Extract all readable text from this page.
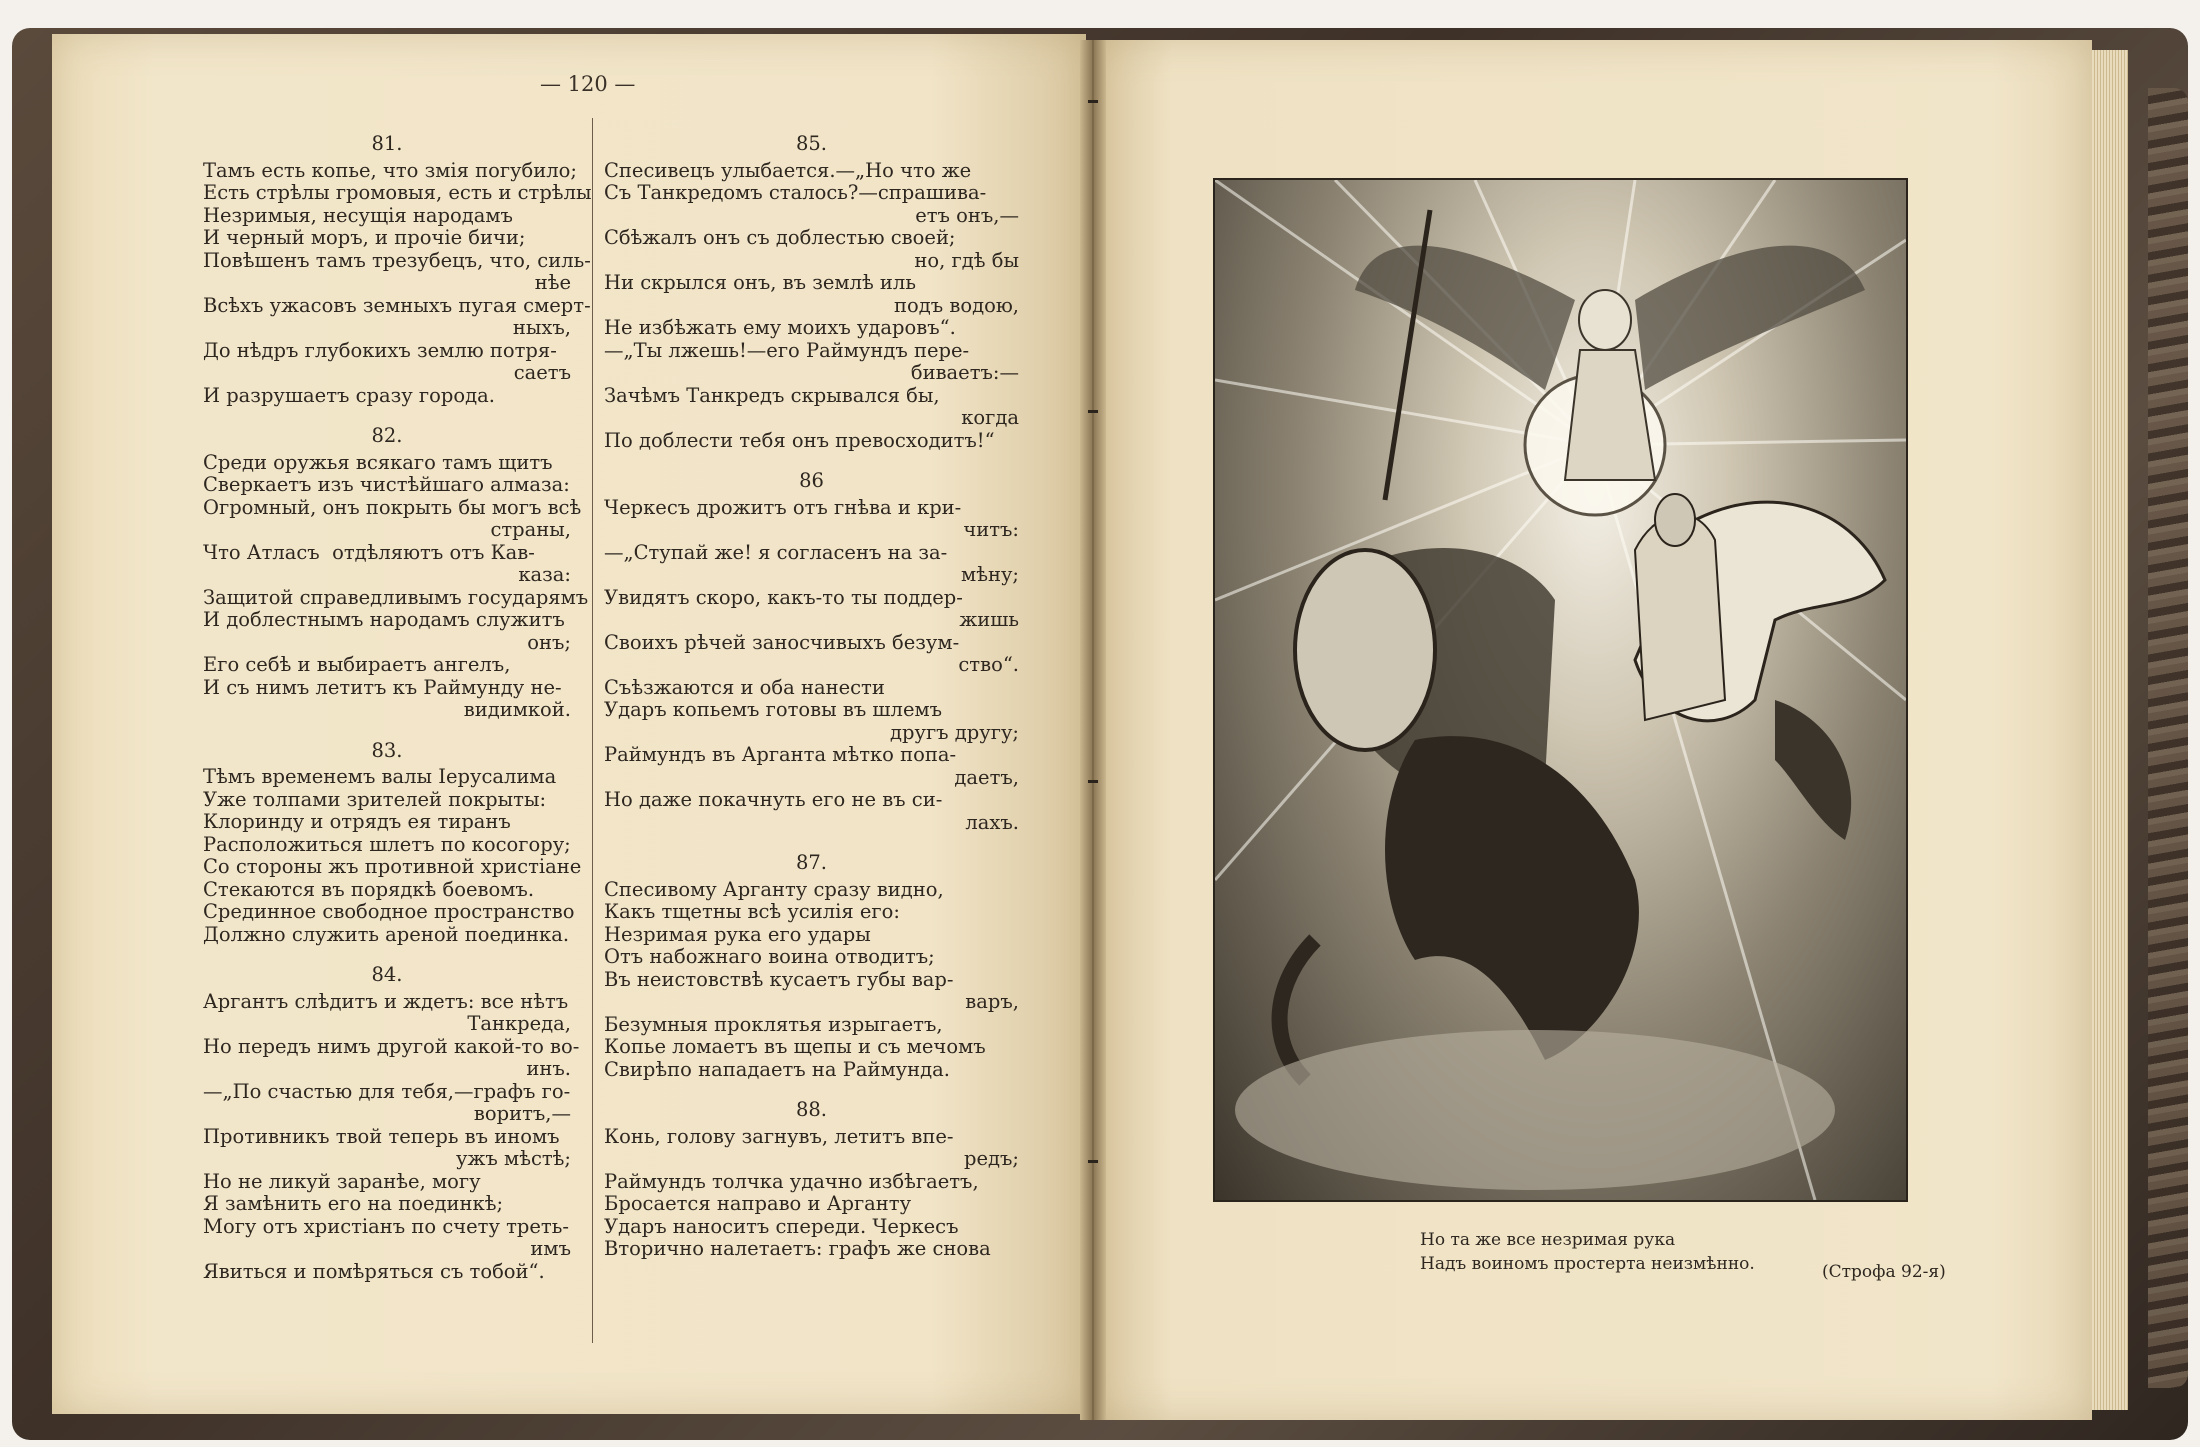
— 120 —
81.
Тамъ есть копье, что змія погубило;
Есть стрѣлы громовыя, есть и стрѣлы
Незримыя, несущія народамъ
И черный моръ, и прочіе бичи;
Повѣшенъ тамъ трезубецъ, что, силь-
нѣе
Всѣхъ ужасовъ земныхъ пугая смерт-
ныхъ,
До нѣдръ глубокихъ землю потря-
саетъ
И разрушаетъ сразу города.
82.
Среди оружья всякаго тамъ щитъ
Сверкаетъ изъ чистѣйшаго алмаза:
Огромный, онъ покрыть бы могъ всѣ
страны,
Что Атласъ  отдѣляютъ отъ Кав-
каза:
Защитой справедливымъ государямъ
И доблестнымъ народамъ служитъ
онъ;
Его себѣ и выбираетъ ангелъ,
И съ нимъ летитъ къ Раймунду не-
видимкой.
83.
Тѣмъ временемъ валы Іерусалима
Уже толпами зрителей покрыты:
Клоринду и отрядъ ея тиранъ
Расположиться шлетъ по косогору;
Со стороны жъ противной христіане
Стекаются въ порядкѣ боевомъ.
Срединное свободное пространство
Должно служить ареной поединка.
84.
Аргантъ слѣдитъ и ждетъ: все нѣтъ
Танкреда,
Но передъ нимъ другой какой-то во-
инъ.
—„По счастью для тебя,—графъ го-
воритъ,—
Противникъ твой теперь въ иномъ
ужъ мѣстѣ;
Но не ликуй заранѣе, могу
Я замѣнить его на поединкѣ;
Могу отъ христіанъ по счету треть-
имъ
Явиться и помѣряться съ тобой“.
85.
Спесивецъ улыбается.—„Но что же
Съ Танкредомъ сталось?—спрашива-
етъ онъ,—
Сбѣжалъ онъ съ доблестью своей;
но, гдѣ бы
Ни скрылся онъ, въ землѣ иль
подъ водою,
Не избѣжать ему моихъ ударовъ“.
—„Ты лжешь!—его Раймундъ пере-
биваетъ:—
Зачѣмъ Танкредъ скрывался бы,
когда
По доблести тебя онъ превосходитъ!“
86
Черкесъ дрожитъ отъ гнѣва и кри-
читъ:
—„Ступай же! я согласенъ на за-
мѣну;
Увидятъ скоро, какъ-то ты поддер-
жишь
Своихъ рѣчей заносчивыхъ безум-
ство“.
Съѣзжаются и оба нанести
Ударъ копьемъ готовы въ шлемъ
другъ другу;
Раймундъ въ Арганта мѣтко попа-
даетъ,
Но даже покачнуть его не въ си-
лахъ.
87.
Спесивому Арганту сразу видно,
Какъ тщетны всѣ усилія его:
Незримая рука его удары
Отъ набожнаго воина отводитъ;
Въ неистовствѣ кусаетъ губы вар-
варъ,
Безумныя проклятья изрыгаетъ,
Копье ломаетъ въ щепы и съ мечомъ
Свирѣпо нападаетъ на Раймунда.
88.
Конь, голову загнувъ, летитъ впе-
редъ;
Раймундъ толчка удачно избѣгаетъ,
Бросается направо и Арганту
Ударъ наноситъ спереди. Черкесъ
Вторично налетаетъ: графъ же снова	Но та же все незримая рука
Надъ воиномъ простерта неизмѣнно.	(Строфа 92-я)
